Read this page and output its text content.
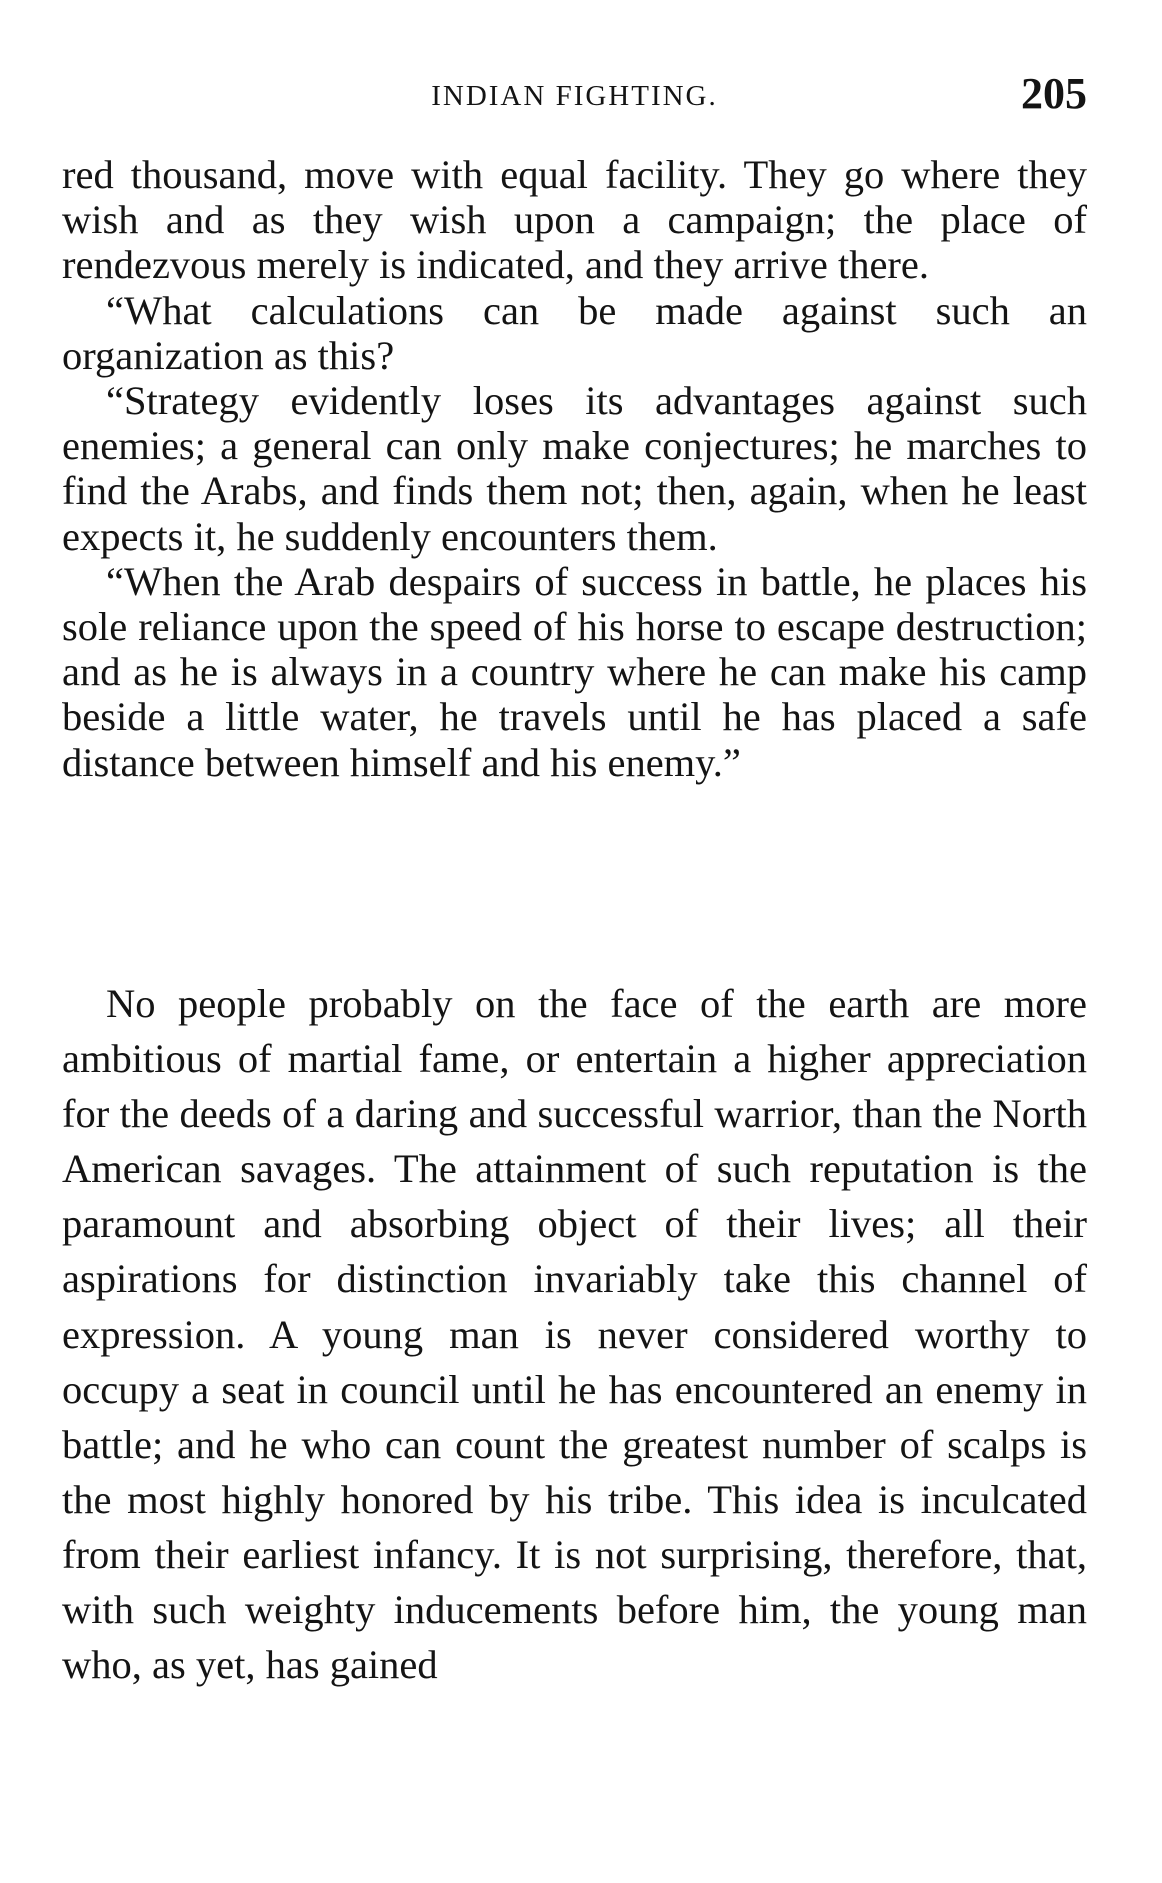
INDIAN FIGHTING.	205

red thousand, move with equal facility. They go where they wish and as they wish upon a campaign; the place of rendezvous merely is indicated, and they arrive there.

“What calculations can be made against such an organization as this?

“Strategy evidently loses its advantages against such enemies; a general can only make conjectures; he marches to find the Arabs, and finds them not; then, again, when he least expects it, he suddenly encounters them.

“When the Arab despairs of success in battle, he places his sole reliance upon the speed of his horse to escape destruction; and as he is always in a country where he can make his camp beside a little water, he travels until he has placed a safe distance between himself and his enemy.”

No people probably on the face of the earth are more ambitious of martial fame, or entertain a higher appreciation for the deeds of a daring and successful warrior, than the North American savages. The attainment of such reputation is the paramount and absorbing object of their lives; all their aspirations for distinction invariably take this channel of expression. A young man is never considered worthy to occupy a seat in council until he has encountered an enemy in battle; and he who can count the greatest number of scalps is the most highly honored by his tribe. This idea is inculcated from their earliest infancy. It is not surprising, therefore, that, with such weighty inducements before him, the young man who, as yet, has gained
